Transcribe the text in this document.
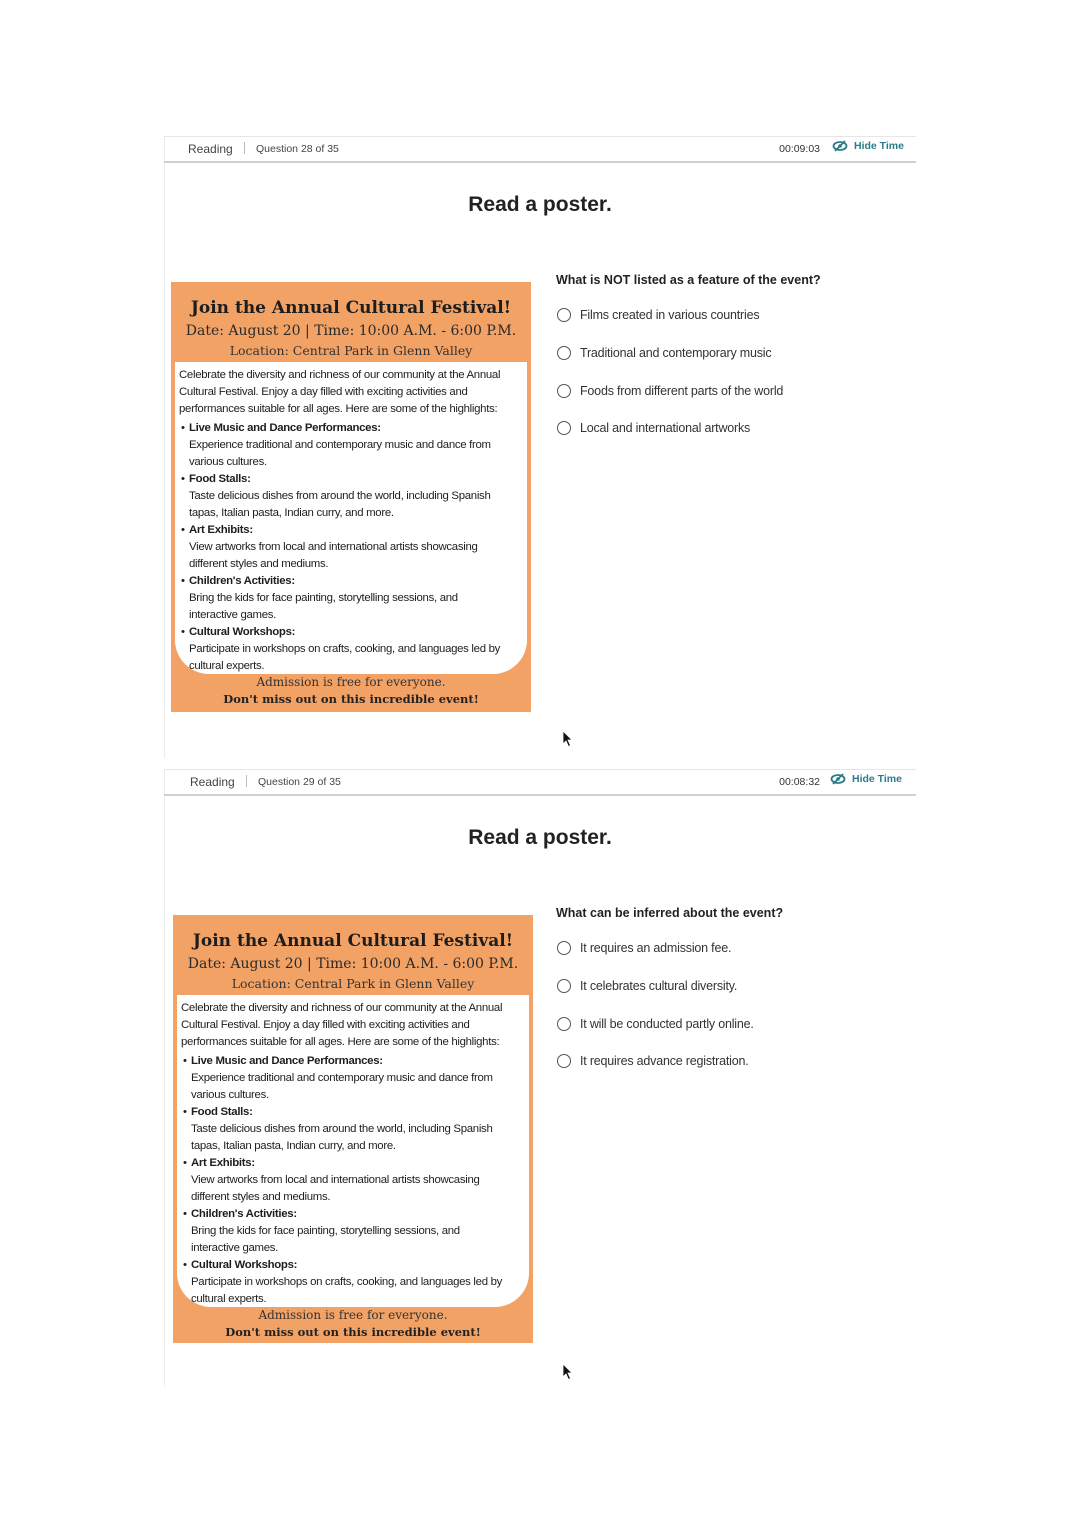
Reading Question 28 of 35	00:09:03	Hide Time
Read a poster.
Join the Annual Cultural Festival!
Date: August 20 | Time: 10:00 A.M. - 6:00 P.M.
Location: Central Park in Glenn Valley

Celebrate the diversity and richness of our community at the Annual
Cultural Festival. Enjoy a day filled with exciting activities and
performances suitable for all ages. Here are some of the highlights:

• Live Music and Dance Performances:
Experience traditional and contemporary music and dance from
various cultures.
• Food Stalls:
Taste delicious dishes from around the world, including Spanish
tapas, Italian pasta, Indian curry, and more.
• Art Exhibits:
View artworks from local and international artists showcasing
different styles and mediums.
• Children's Activities:
Bring the kids for face painting, storytelling sessions, and
interactive games.
• Cultural Workshops:
Participate in workshops on crafts, cooking, and languages led by
cultural experts.
Admission is free for everyone.
Don't miss out on this incredible event!
What is NOT listed as a feature of the event?
Films created in various countries
Traditional and contemporary music
Foods from different parts of the world
Local and international artworks
Reading Question 29 of 35	00:08:32	Hide Time
Read a poster.
Join the Annual Cultural Festival!
Date: August 20 | Time: 10:00 A.M. - 6:00 P.M.
Location: Central Park in Glenn Valley

Celebrate the diversity and richness of our community at the Annual
Cultural Festival. Enjoy a day filled with exciting activities and
performances suitable for all ages. Here are some of the highlights:

• Live Music and Dance Performances:
Experience traditional and contemporary music and dance from
various cultures.
• Food Stalls:
Taste delicious dishes from around the world, including Spanish
tapas, Italian pasta, Indian curry, and more.
• Art Exhibits:
View artworks from local and international artists showcasing
different styles and mediums.
• Children's Activities:
Bring the kids for face painting, storytelling sessions, and
interactive games.
• Cultural Workshops:
Participate in workshops on crafts, cooking, and languages led by
cultural experts.
Admission is free for everyone.
Don't miss out on this incredible event!
What can be inferred about the event?
It requires an admission fee.
It celebrates cultural diversity.
It will be conducted partly online.
It requires advance registration.
